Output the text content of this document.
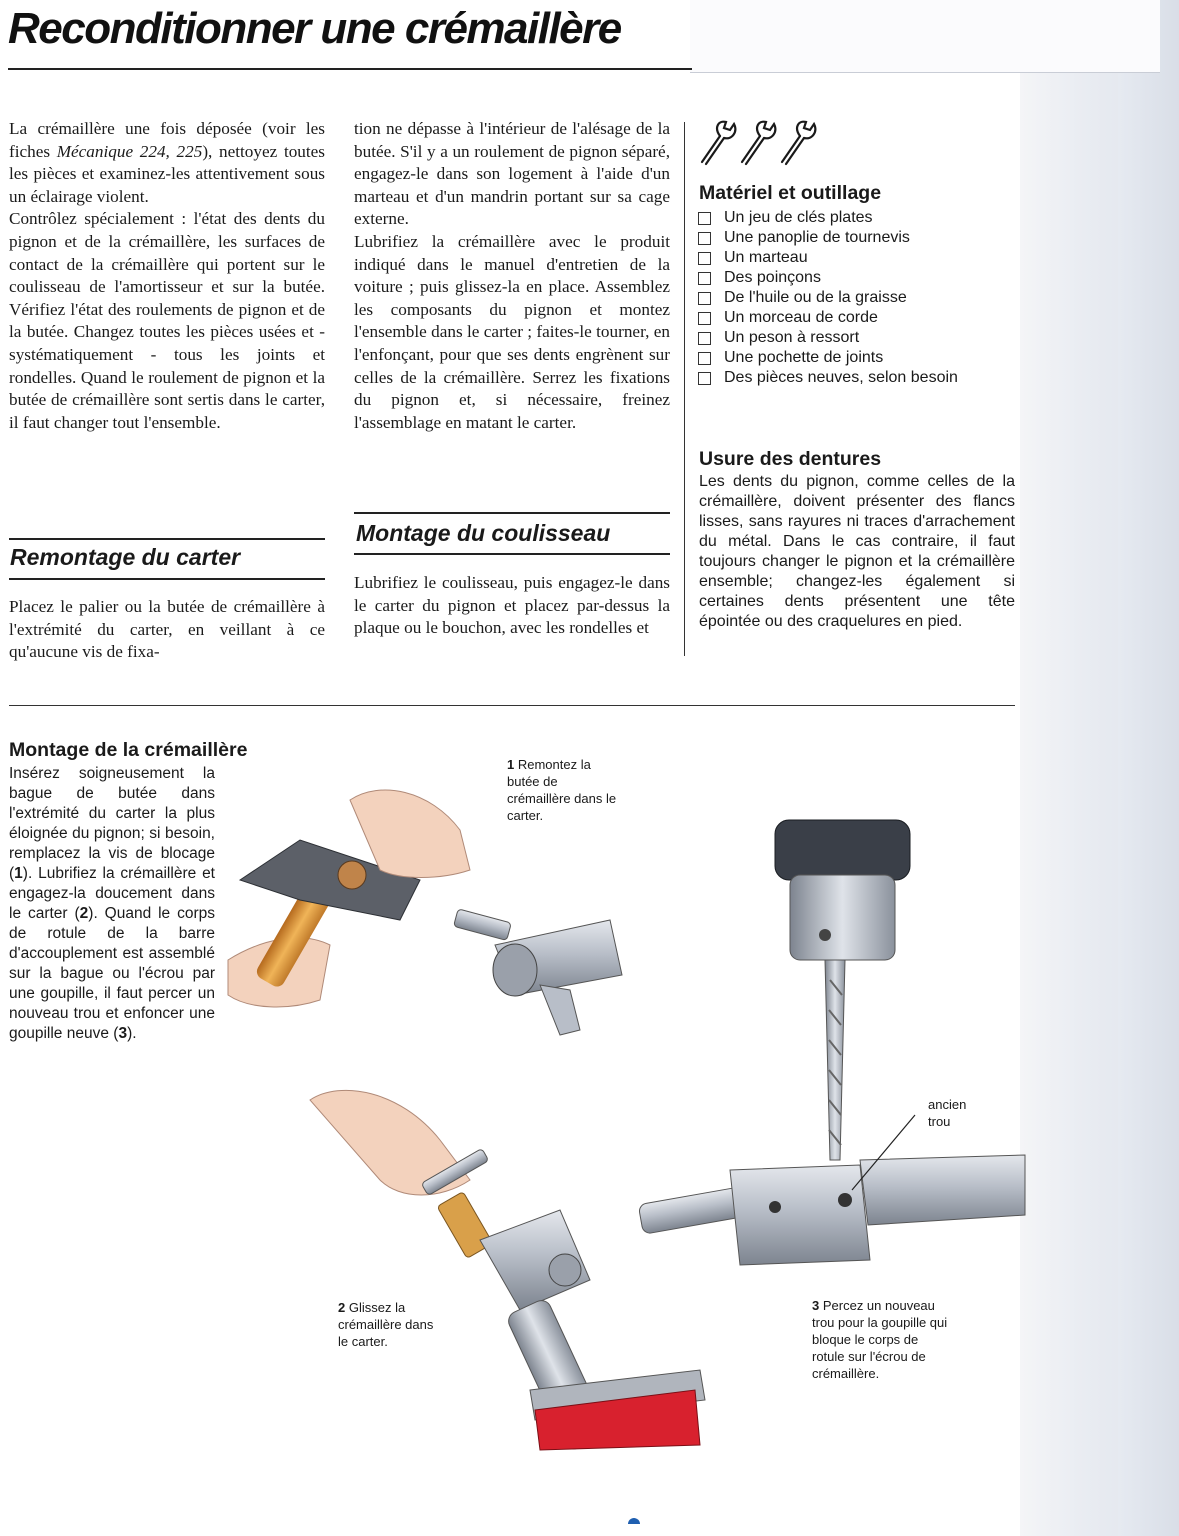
Reconditionner une crémaillère

La crémaillère une fois déposée (voir les fiches Mécanique 224, 225), nettoyez toutes les pièces et examinez-les attentivement sous un éclairage violent.

Contrôlez spécialement : l'état des dents du pignon et de la crémaillère, les surfaces de contact de la crémaillère qui portent sur le coulisseau de l'amortisseur et sur la butée. Vérifiez l'état des roulements de pignon et de la butée. Changez toutes les pièces usées et -systématiquement - tous les joints et rondelles. Quand le roulement de pignon et la butée de crémaillère sont sertis dans le carter, il faut changer tout l'ensemble.

Remontage du carter
Placez le palier ou la butée de crémaillère à l'extrémité du carter, en veillant à ce qu'aucune vis de fixa-

tion ne dépasse à l'intérieur de l'alésage de la butée. S'il y a un roulement de pignon séparé, engagez-le dans son logement à l'aide d'un marteau et d'un mandrin portant sur sa cage externe.

Lubrifiez la crémaillère avec le produit indiqué dans le manuel d'entretien de la voiture ; puis glissez-la en place. Assemblez les composants du pignon et montez l'ensemble dans le carter ; faites-le tourner, en l'enfonçant, pour que ses dents engrènent sur celles de la crémaillère. Serrez les fixations du pignon et, si nécessaire, freinez l'assemblage en matant le carter.

Montage du coulisseau
Lubrifiez le coulisseau, puis engagez-le dans le carter du pignon et placez par-dessus la plaque ou le bouchon, avec les rondelles et
Matériel et outillage
Un jeu de clés plates
Une panoplie de tournevis
Un marteau
Des poinçons
De l'huile ou de la graisse
Un morceau de corde
Un peson à ressort
Une pochette de joints
Des pièces neuves, selon besoin
Usure des dentures
Les dents du pignon, comme celles de la crémaillère, doivent présenter des flancs lisses, sans rayures ni traces d'arrachement du métal. Dans le cas contraire, il faut toujours changer le pignon et la crémaillère ensemble; changez-les également si certaines dents présentent une tête épointée ou des craquelures en pied.
Montage de la crémaillère
Insérez soigneusement la bague de butée dans l'extrémité du carter la plus éloignée du pignon; si besoin, remplacez la vis de blocage (1). Lubrifiez la crémaillère et engagez-la doucement dans le carter (2). Quand le corps de rotule de la barre d'accouplement est assemblé sur la bague ou l'écrou par une goupille, il faut percer un nouveau trou et enfoncer une goupille neuve (3).
1 Remontez la butée de crémaillère dans le carter.
2 Glissez la crémaillère dans le carter.
3 Percez un nouveau trou pour la goupille qui bloque le corps de rotule sur l'écrou de crémaillère.
ancien trou
